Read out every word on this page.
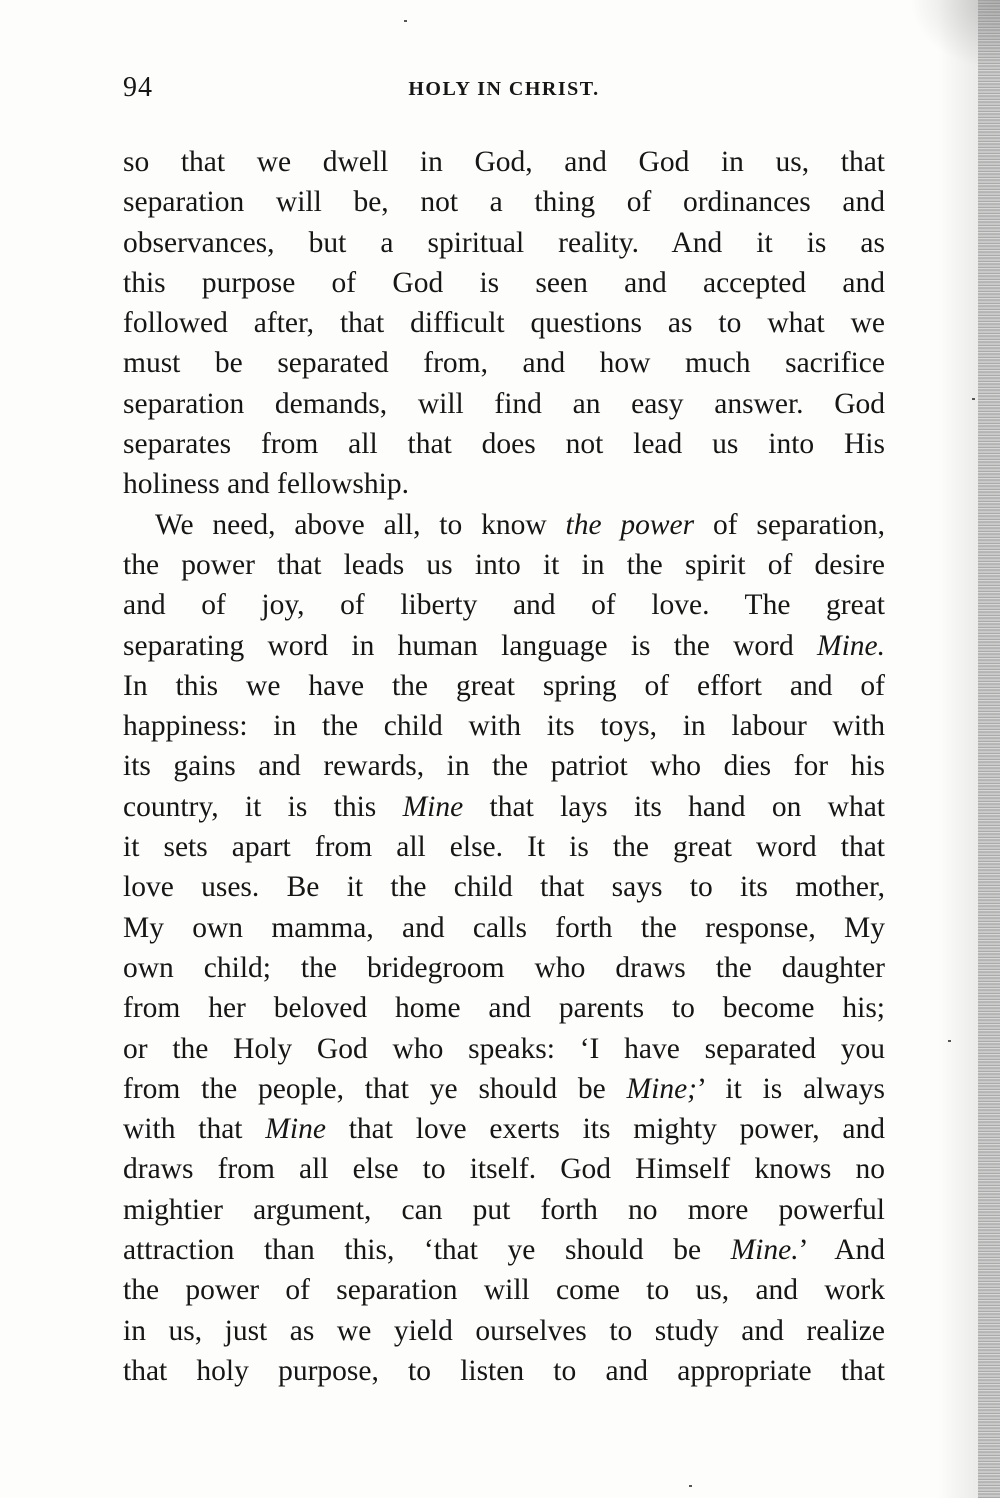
94	HOLY IN CHRIST.
so that we dwell in God, and God in us, that
separation will be, not a thing of ordinances and
observances, but a spiritual reality. And it is as
this purpose of God is seen and accepted and
followed after, that difficult questions as to what we
must be separated from, and how much sacrifice
separation demands, will find an easy answer. God
separates from all that does not lead us into His
holiness and fellowship.
We need, above all, to know the power of separation,
the power that leads us into it in the spirit of desire
and of joy, of liberty and of love. The great
separating word in human language is the word Mine.
In this we have the great spring of effort and of
happiness: in the child with its toys, in labour with
its gains and rewards, in the patriot who dies for his
country, it is this Mine that lays its hand on what
it sets apart from all else. It is the great word that
love uses. Be it the child that says to its mother,
My own mamma, and calls forth the response, My
own child; the bridegroom who draws the daughter
from her beloved home and parents to become his;
or the Holy God who speaks: ‘I have separated you
from the people, that ye should be Mine;’ it is always
with that Mine that love exerts its mighty power, and
draws from all else to itself. God Himself knows no
mightier argument, can put forth no more powerful
attraction than this, ‘that ye should be Mine.’ And
the power of separation will come to us, and work
in us, just as we yield ourselves to study and realize
that holy purpose, to listen to and appropriate that
